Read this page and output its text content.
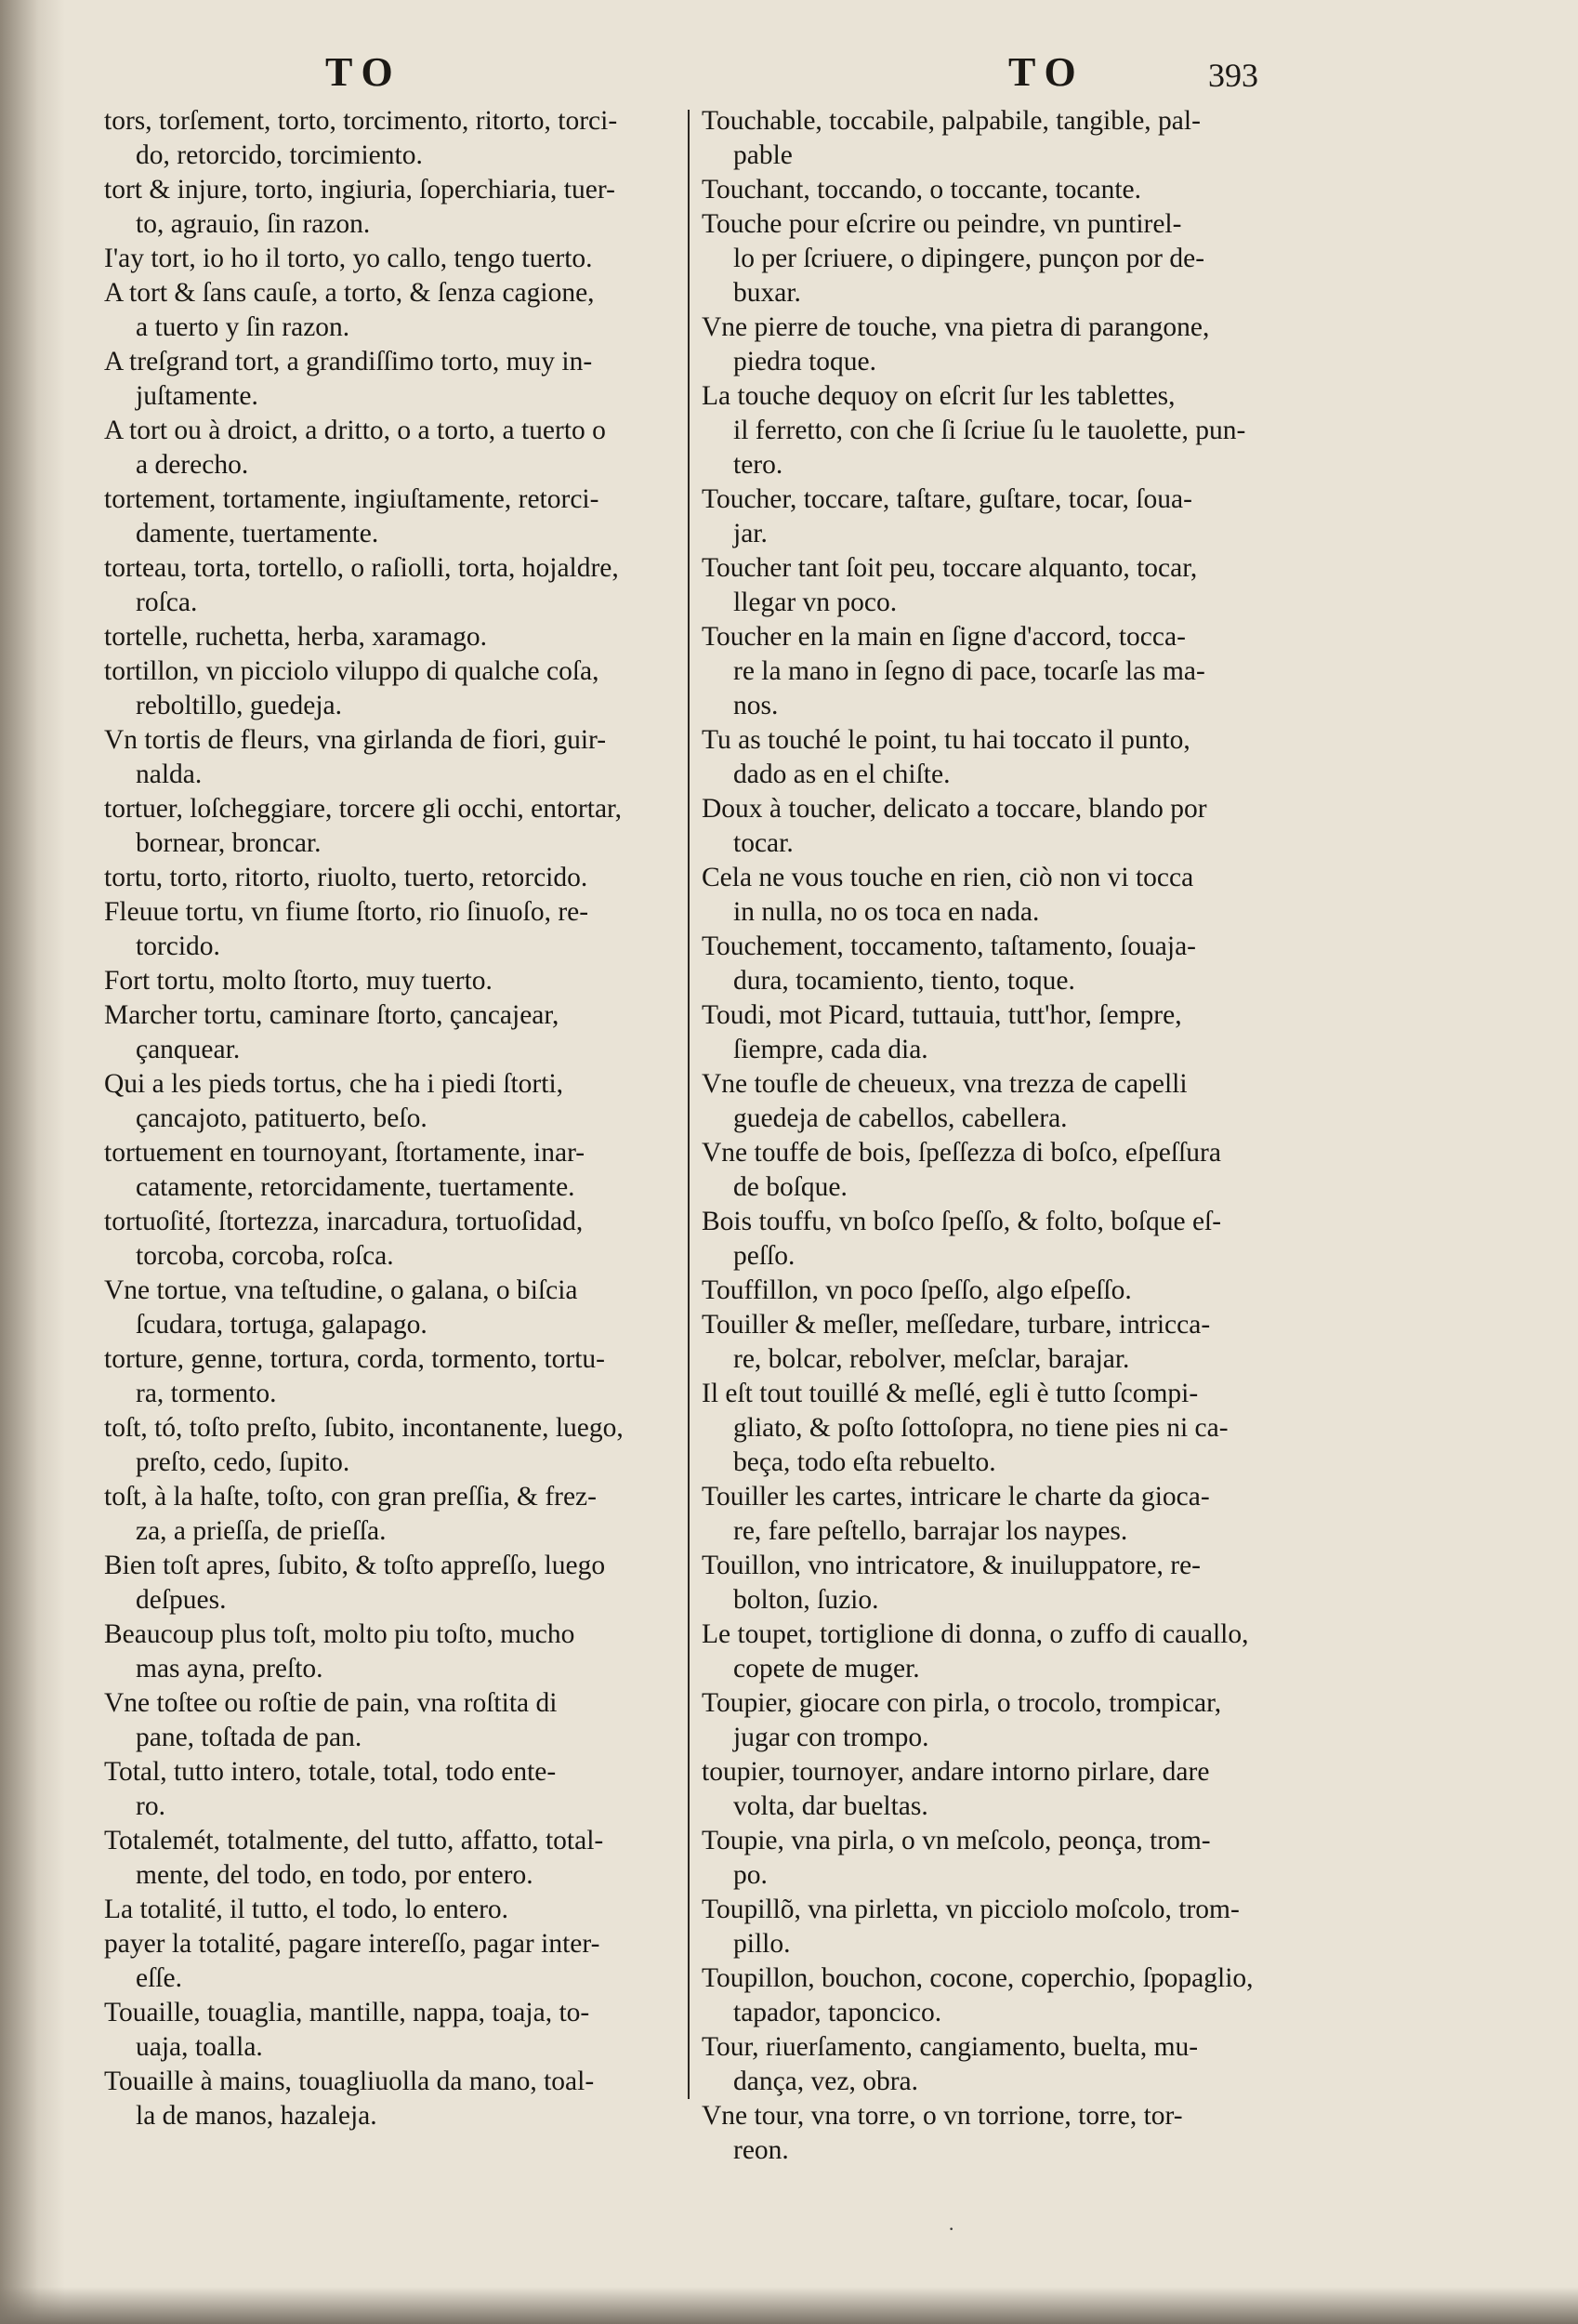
TO	TO	393
tors, torſement, torto, torcimento, ritorto, torci-
do, retorcido, torcimiento.
tort & injure, torto, ingiuria, ſoperchiaria, tuer-
to, agrauio, ſin razon.
I'ay tort, io ho il torto, yo callo, tengo tuerto.
A tort & ſans cauſe, a torto, & ſenza cagione,
a tuerto y ſin razon.
A treſgrand tort, a grandiſſimo torto, muy in-
juſtamente.
A tort ou à droict, a dritto, o a torto, a tuerto o
a derecho.
tortement, tortamente, ingiuſtamente, retorci-
damente, tuertamente.
torteau, torta, tortello, o raſiolli, torta, hojaldre,
roſca.
tortelle, ruchetta, herba, xaramago.
tortillon, vn picciolo viluppo di qualche coſa,
reboltillo, guedeja.
Vn tortis de fleurs, vna girlanda de fiori, guir-
nalda.
tortuer, loſcheggiare, torcere gli occhi, entortar,
bornear, broncar.
tortu, torto, ritorto, riuolto, tuerto, retorcido.
Fleuue tortu, vn fiume ſtorto, rio ſinuoſo, re-
torcido.
Fort tortu, molto ſtorto, muy tuerto.
Marcher tortu, caminare ſtorto, çancajear,
çanquear.
Qui a les pieds tortus, che ha i piedi ſtorti,
çancajoto, patituerto, beſo.
tortuement en tournoyant, ſtortamente, inar-
catamente, retorcidamente, tuertamente.
tortuoſité, ſtortezza, inarcadura, tortuoſidad,
torcoba, corcoba, roſca.
Vne tortue, vna teſtudine, o galana, o biſcia
ſcudara, tortuga, galapago.
torture, genne, tortura, corda, tormento, tortu-
ra, tormento.
toſt, tó, toſto preſto, ſubito, incontanente, luego,
preſto, cedo, ſupito.
toſt, à la haſte, toſto, con gran preſſia, & frez-
za, a prieſſa, de prieſſa.
Bien toſt apres, ſubito, & toſto appreſſo, luego
deſpues.
Beaucoup plus toſt, molto piu toſto, mucho
mas ayna, preſto.
Vne toſtee ou roſtie de pain, vna roſtita di
pane, toſtada de pan.
Total, tutto intero, totale, total, todo ente-
ro.
Totalemét, totalmente, del tutto, affatto, total-
mente, del todo, en todo, por entero.
La totalité, il tutto, el todo, lo entero.
payer la totalité, pagare intereſſo, pagar inter-
eſſe.
Touaille, touaglia, mantille, nappa, toaja, to-
uaja, toalla.
Touaille à mains, touagliuolla da mano, toal-
la de manos, hazaleja.
Touchable, toccabile, palpabile, tangible, pal-
pable
Touchant, toccando, o toccante, tocante.
Touche pour eſcrire ou peindre, vn puntirel-
lo per ſcriuere, o dipingere, punçon por de-
buxar.
Vne pierre de touche, vna pietra di parangone,
piedra toque.
La touche dequoy on eſcrit ſur les tablettes,
il ferretto, con che ſi ſcriue ſu le tauolette, pun-
tero.
Toucher, toccare, taſtare, guſtare, tocar, ſoua-
jar.
Toucher tant ſoit peu, toccare alquanto, tocar,
llegar vn poco.
Toucher en la main en ſigne d'accord, tocca-
re la mano in ſegno di pace, tocarſe las ma-
nos.
Tu as touché le point, tu hai toccato il punto,
dado as en el chiſte.
Doux à toucher, delicato a toccare, blando por
tocar.
Cela ne vous touche en rien, ciò non vi tocca
in nulla, no os toca en nada.
Touchement, toccamento, taſtamento, ſouaja-
dura, tocamiento, tiento, toque.
Toudi, mot Picard, tuttauia, tutt'hor, ſempre,
ſiempre, cada dia.
Vne toufle de cheueux, vna trezza de capelli
guedeja de cabellos, cabellera.
Vne touffe de bois, ſpeſſezza di boſco, eſpeſſura
de boſque.
Bois touffu, vn boſco ſpeſſo, & folto, boſque eſ-
peſſo.
Touffillon, vn poco ſpeſſo, algo eſpeſſo.
Touiller & meſler, meſſedare, turbare, intricca-
re, bolcar, rebolver, meſclar, barajar.
Il eſt tout touillé & meſlé, egli è tutto ſcompi-
gliato, & poſto ſottoſopra, no tiene pies ni ca-
beça, todo eſta rebuelto.
Touiller les cartes, intricare le charte da gioca-
re, fare peſtello, barrajar los naypes.
Touillon, vno intricatore, & inuiluppatore, re-
bolton, ſuzio.
Le toupet, tortiglione di donna, o zuffo di cauallo,
copete de muger.
Toupier, giocare con pirla, o trocolo, trompicar,
jugar con trompo.
toupier, tournoyer, andare intorno pirlare, dare
volta, dar bueltas.
Toupie, vna pirla, o vn meſcolo, peonça, trom-
po.
Toupillõ, vna pirletta, vn picciolo moſcolo, trom-
pillo.
Toupillon, bouchon, cocone, coperchio, ſpopaglio,
tapador, taponcico.
Tour, riuerſamento, cangiamento, buelta, mu-
dança, vez, obra.
Vne tour, vna torre, o vn torrione, torre, tor-
reon.
·
